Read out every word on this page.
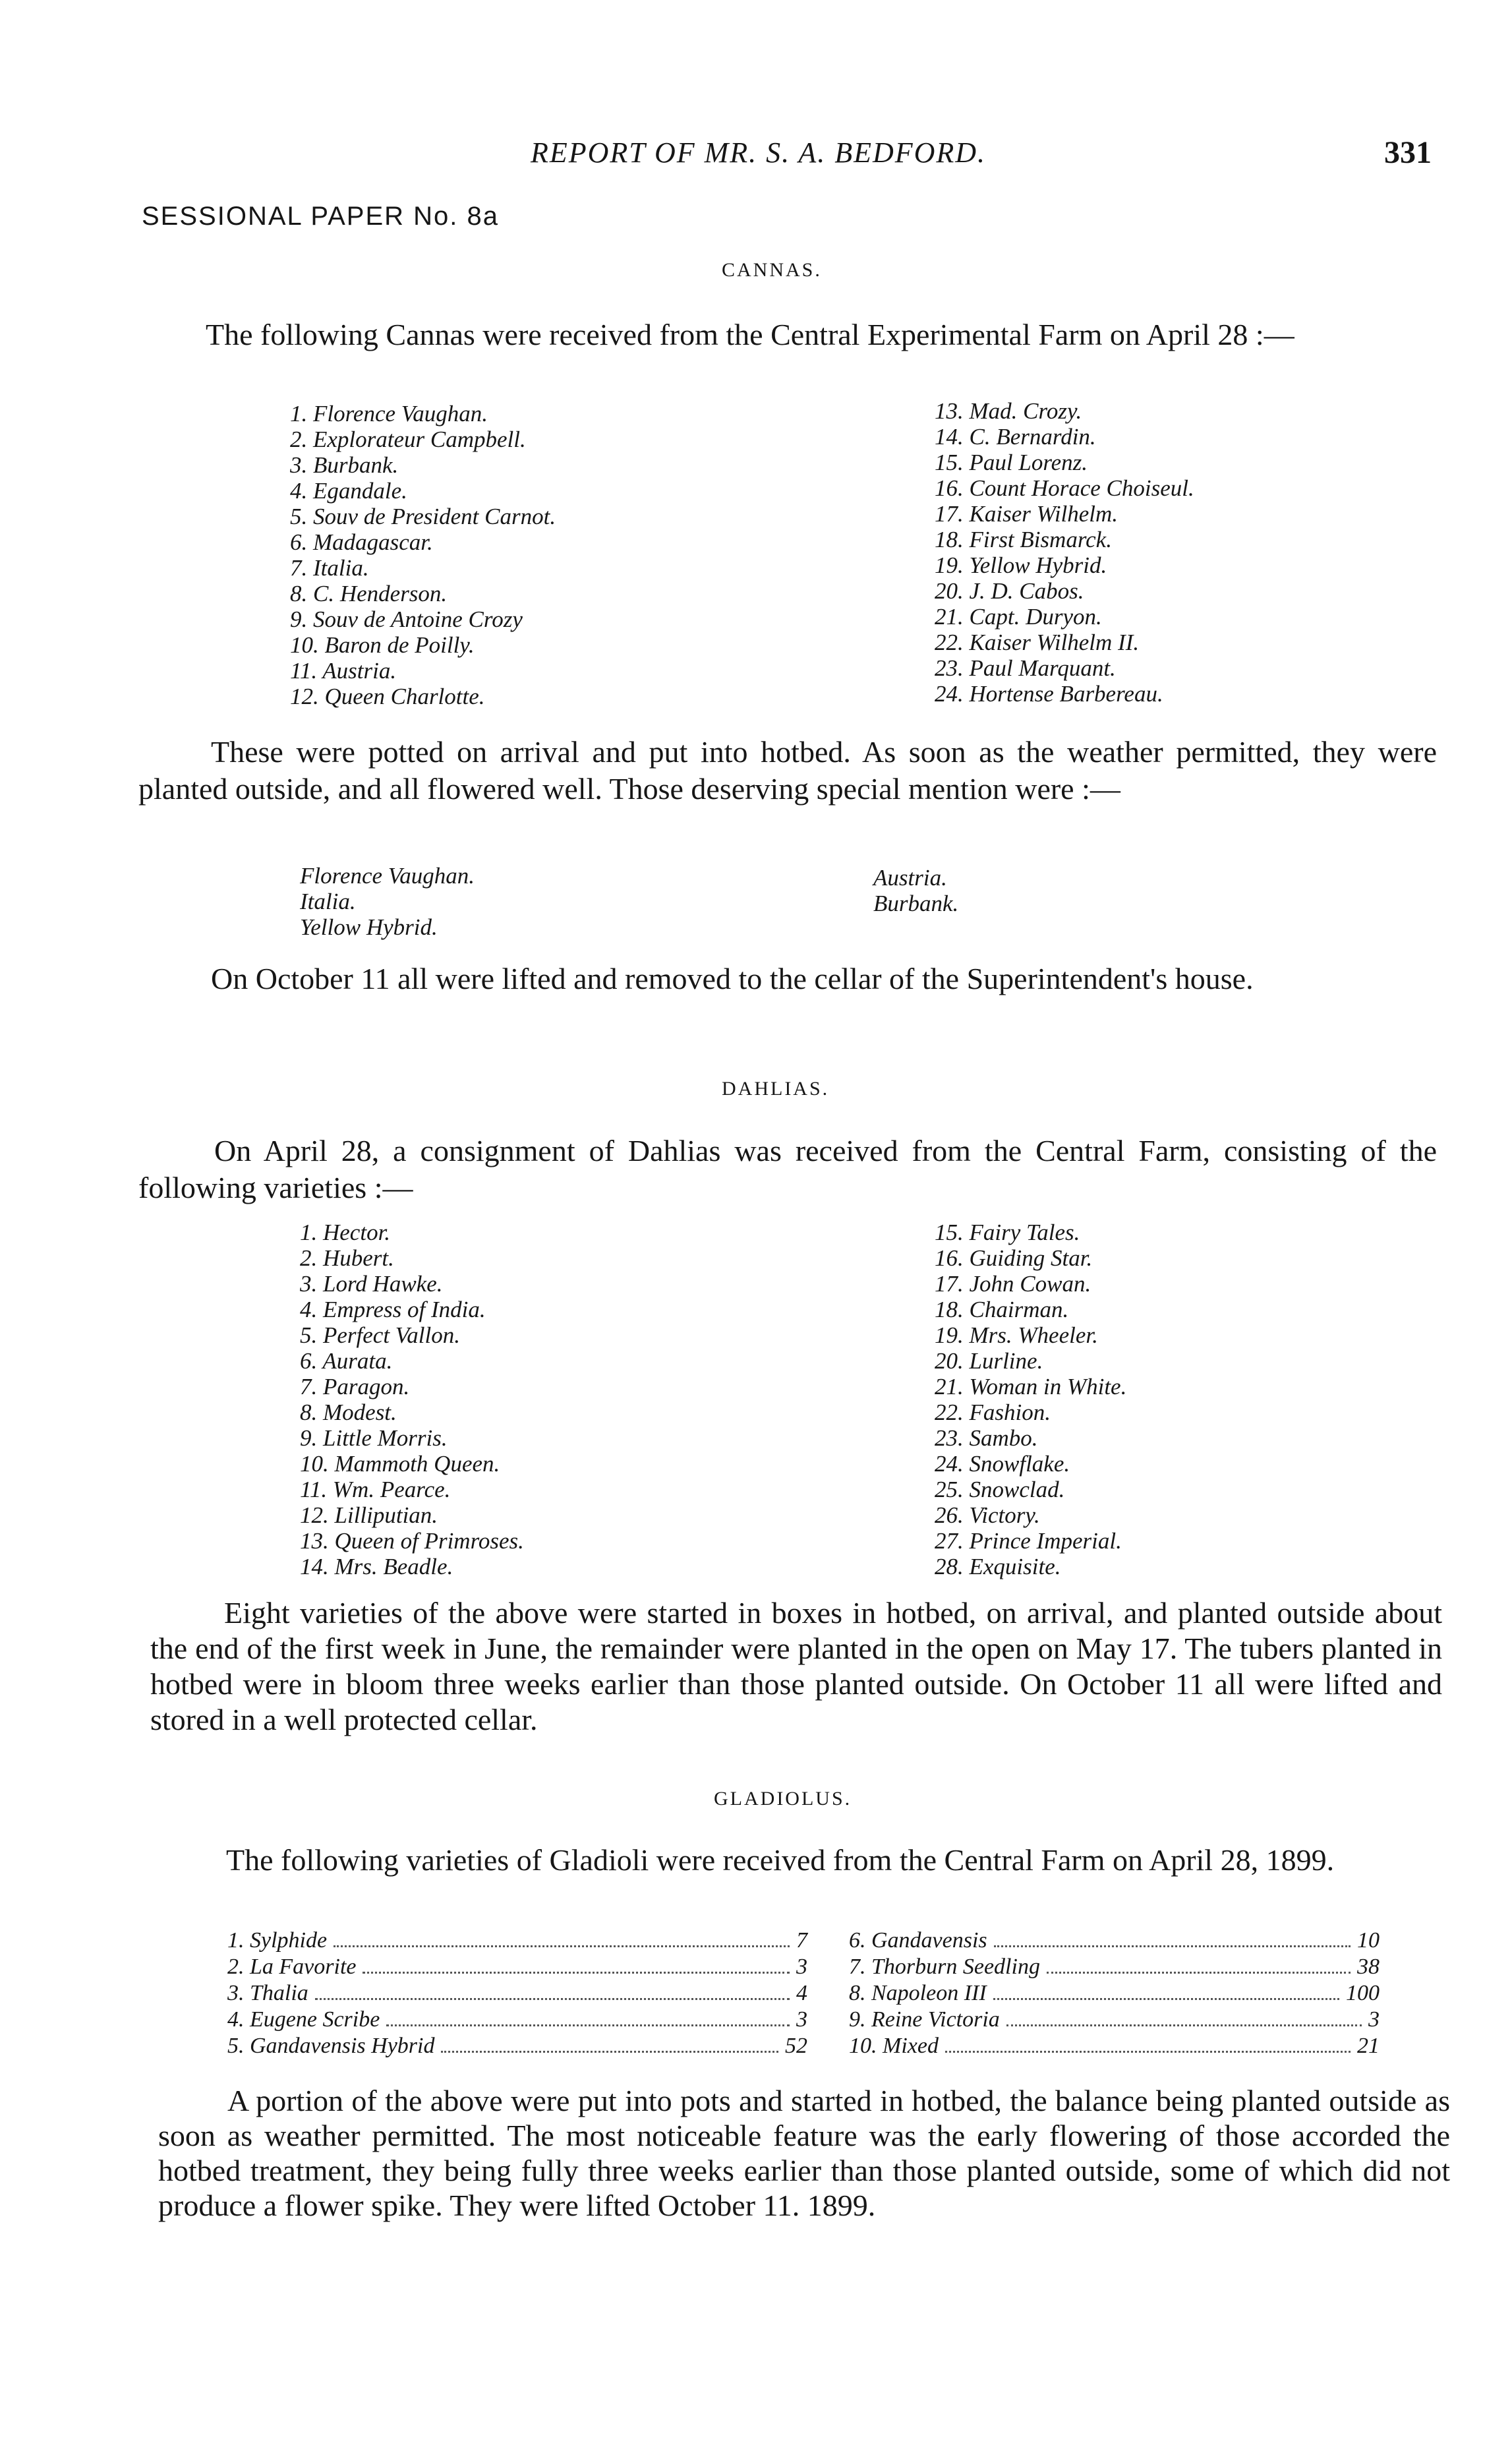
REPORT OF MR. S. A. BEDFORD.	331
SESSIONAL PAPER No. 8a
CANNAS.
The following Cannas were received from the Central Experimental Farm on April 28 :—
1. Florence Vaughan.
2. Explorateur Campbell.
3. Burbank.
4. Egandale.
5. Souv de President Carnot.
6. Madagascar.
7. Italia.
8. C. Henderson.
9. Souv de Antoine Crozy
10. Baron de Poilly.
11. Austria.
12. Queen Charlotte.
13. Mad. Crozy.
14. C. Bernardin.
15. Paul Lorenz.
16. Count Horace Choiseul.
17. Kaiser Wilhelm.
18. First Bismarck.
19. Yellow Hybrid.
20. J. D. Cabos.
21. Capt. Duryon.
22. Kaiser Wilhelm II.
23. Paul Marquant.
24. Hortense Barbereau.
These were potted on arrival and put into hotbed. As soon as the weather permitted, they were planted outside, and all flowered well. Those deserving special mention were :—
Florence Vaughan.
Italia.
Yellow Hybrid.
Austria.
Burbank.
On October 11 all were lifted and removed to the cellar of the Superintendent's house.
DAHLIAS.
On April 28, a consignment of Dahlias was received from the Central Farm, consisting of the following varieties :—
1. Hector.
2. Hubert.
3. Lord Hawke.
4. Empress of India.
5. Perfect Vallon.
6. Aurata.
7. Paragon.
8. Modest.
9. Little Morris.
10. Mammoth Queen.
11. Wm. Pearce.
12. Lilliputian.
13. Queen of Primroses.
14. Mrs. Beadle.
15. Fairy Tales.
16. Guiding Star.
17. John Cowan.
18. Chairman.
19. Mrs. Wheeler.
20. Lurline.
21. Woman in White.
22. Fashion.
23. Sambo.
24. Snowflake.
25. Snowclad.
26. Victory.
27. Prince Imperial.
28. Exquisite.
Eight varieties of the above were started in boxes in hotbed, on arrival, and planted outside about the end of the first week in June, the remainder were planted in the open on May 17. The tubers planted in hotbed were in bloom three weeks earlier than those planted outside. On October 11 all were lifted and stored in a well protected cellar.
GLADIOLUS.
The following varieties of Gladioli were received from the Central Farm on April 28, 1899.
1. Sylphide	7
2. La Favorite	3
3. Thalia	4
4. Eugene Scribe	3
5. Gandavensis Hybrid	52
6. Gandavensis	10
7. Thorburn Seedling	38
8. Napoleon III	100
9. Reine Victoria	3
10. Mixed	21
A portion of the above were put into pots and started in hotbed, the balance being planted outside as soon as weather permitted. The most noticeable feature was the early flowering of those accorded the hotbed treatment, they being fully three weeks earlier than those planted outside, some of which did not produce a flower spike. They were lifted October 11. 1899.
